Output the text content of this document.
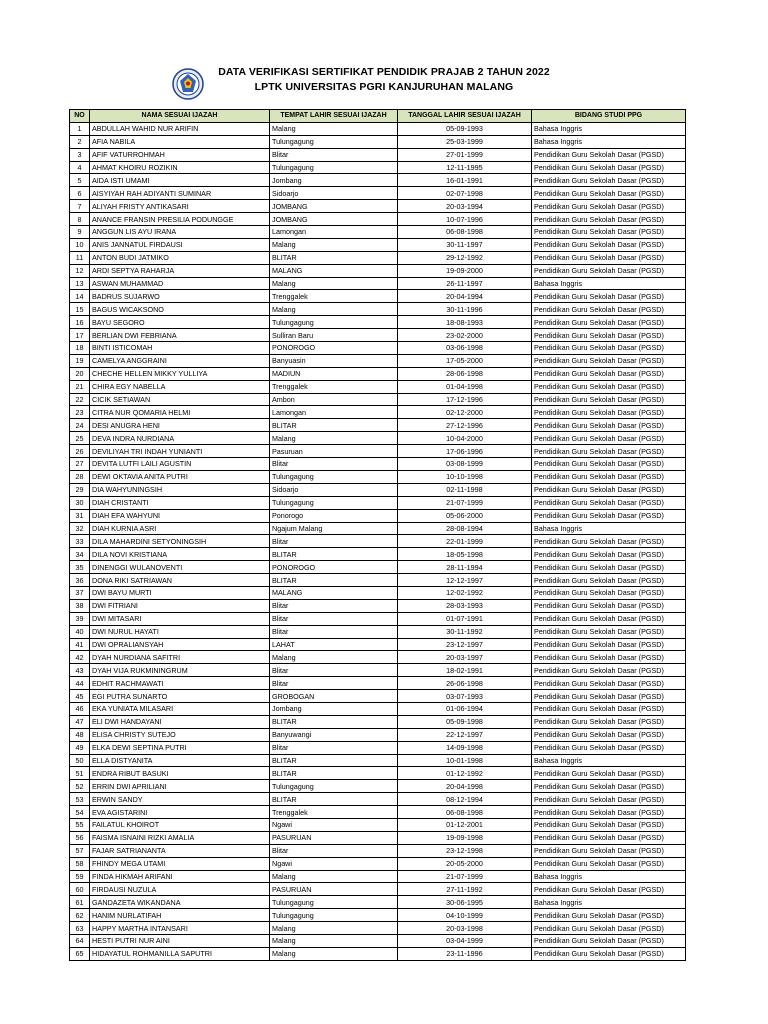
DATA VERIFIKASI SERTIFIKAT PENDIDIK PRAJAB 2 TAHUN 2022
LPTK UNIVERSITAS PGRI KANJURUHAN MALANG
NO	NAMA SESUAI IJAZAH	TEMPAT LAHIR SESUAI IJAZAH	TANGGAL LAHIR SESUAI IJAZAH	BIDANG STUDI PPG
1	ABDULLAH WAHID NUR ARIFIN	Malang	05-09-1993	Bahasa Inggris
2	AFIA NABILA	Tulungagung	25-03-1999	Bahasa Inggris
3	AFIF VATURROHMAH	Blitar	27-01-1999	Pendidikan Guru Sekolah Dasar (PGSD)
4	AHMAT KHOIRU ROZIKIN	Tulungagung	12-11-1995	Pendidikan Guru Sekolah Dasar (PGSD)
5	AIDA ISTI UMAMI	Jombang	16-01-1991	Pendidikan Guru Sekolah Dasar (PGSD)
6	AISYIYAH RAH ADIYANTI SUMINAR	Sidoarjo	02-07-1998	Pendidikan Guru Sekolah Dasar (PGSD)
7	ALIYAH FRISTY ANTIKASARI	JOMBANG	20-03-1994	Pendidikan Guru Sekolah Dasar (PGSD)
8	ANANCE FRANSIN PRESILIA PODUNGGE	JOMBANG	10-07-1996	Pendidikan Guru Sekolah Dasar (PGSD)
9	ANGGUN LIS AYU IRANA	Lamongan	06-08-1998	Pendidikan Guru Sekolah Dasar (PGSD)
10	ANIS JANNATUL FIRDAUSI	Malang	30-11-1997	Pendidikan Guru Sekolah Dasar (PGSD)
11	ANTON BUDI JATMIKO	BLITAR	29-12-1992	Pendidikan Guru Sekolah Dasar (PGSD)
12	ARDI SEPTYA RAHARJA	MALANG	19-09-2000	Pendidikan Guru Sekolah Dasar (PGSD)
13	ASWAN MUHAMMAD	Malang	26-11-1997	Bahasa Inggris
14	BADRUS SUJARWO	Trenggalek	20-04-1994	Pendidikan Guru Sekolah Dasar (PGSD)
15	BAGUS WICAKSONO	Malang	30-11-1996	Pendidikan Guru Sekolah Dasar (PGSD)
16	BAYU SEGORO	Tulungagung	18-08-1993	Pendidikan Guru Sekolah Dasar (PGSD)
17	BERLIAN DWI FEBRIANA	Sulliran Baru	23-02-2000	Pendidikan Guru Sekolah Dasar (PGSD)
18	BINTI ISTICOMAH	PONOROGO	03-06-1998	Pendidikan Guru Sekolah Dasar (PGSD)
19	CAMELYA ANGGRAINI	Banyuasin	17-05-2000	Pendidikan Guru Sekolah Dasar (PGSD)
20	CHECHE HELLEN MIKKY YULLIYA	MADIUN	28-06-1998	Pendidikan Guru Sekolah Dasar (PGSD)
21	CHIRA EGY NABELLA	Trenggalek	01-04-1998	Pendidikan Guru Sekolah Dasar (PGSD)
22	CICIK SETIAWAN	Ambon	17-12-1996	Pendidikan Guru Sekolah Dasar (PGSD)
23	CITRA NUR QOMARIA HELMI	Lamongan	02-12-2000	Pendidikan Guru Sekolah Dasar (PGSD)
24	DESI ANUGRA HENI	BLITAR	27-12-1996	Pendidikan Guru Sekolah Dasar (PGSD)
25	DEVA INDRA NURDIANA	Malang	10-04-2000	Pendidikan Guru Sekolah Dasar (PGSD)
26	DEVILIYAH TRI INDAH YUNIANTI	Pasuruan	17-06-1996	Pendidikan Guru Sekolah Dasar (PGSD)
27	DEVITA LUTFI LAILI AGUSTIN	Blitar	03-08-1999	Pendidikan Guru Sekolah Dasar (PGSD)
28	DEWI OKTAVIA ANITA PUTRI	Tulungagung	10-10-1998	Pendidikan Guru Sekolah Dasar (PGSD)
29	DIA WAHYUNINGSIH	Sidoarjo	02-11-1998	Pendidikan Guru Sekolah Dasar (PGSD)
30	DIAH CRISTANTI	Tulungagung	21-07-1999	Pendidikan Guru Sekolah Dasar (PGSD)
31	DIAH EFA WAHYUNI	Ponorogo	05-06-2000	Pendidikan Guru Sekolah Dasar (PGSD)
32	DIAH KURNIA ASRI	Ngajum Malang	28-08-1994	Bahasa Inggris
33	DILA MAHARDINI SETYONINGSIH	Blitar	22-01-1999	Pendidikan Guru Sekolah Dasar (PGSD)
34	DILA NOVI KRISTIANA	BLITAR	18-05-1998	Pendidikan Guru Sekolah Dasar (PGSD)
35	DINENGGI WULANOVENTI	PONOROGO	28-11-1994	Pendidikan Guru Sekolah Dasar (PGSD)
36	DONA RIKI SATRIAWAN	BLITAR	12-12-1997	Pendidikan Guru Sekolah Dasar (PGSD)
37	DWI BAYU MURTI	MALANG	12-02-1992	Pendidikan Guru Sekolah Dasar (PGSD)
38	DWI FITRIANI	Blitar	28-03-1993	Pendidikan Guru Sekolah Dasar (PGSD)
39	DWI MITASARI	Blitar	01-07-1991	Pendidikan Guru Sekolah Dasar (PGSD)
40	DWI NURUL HAYATI	Blitar	30-11-1992	Pendidikan Guru Sekolah Dasar (PGSD)
41	DWI OPRALIANSYAH	LAHAT	23-12-1997	Pendidikan Guru Sekolah Dasar (PGSD)
42	DYAH NURDIANA SAFITRI	Malang	20-03-1997	Pendidikan Guru Sekolah Dasar (PGSD)
43	DYAH VIJA RUKMININGRUM	Blitar	18-02-1991	Pendidikan Guru Sekolah Dasar (PGSD)
44	EDHIT RACHMAWATI	Blitar	26-06-1998	Pendidikan Guru Sekolah Dasar (PGSD)
45	EGI PUTRA SUNARTO	GROBOGAN	03-07-1993	Pendidikan Guru Sekolah Dasar (PGSD)
46	EKA YUNIATA MILASARI	Jombang	01-06-1994	Pendidikan Guru Sekolah Dasar (PGSD)
47	ELI DWI HANDAYANI	BLITAR	05-09-1998	Pendidikan Guru Sekolah Dasar (PGSD)
48	ELISA CHRISTY SUTEJO	Banyuwangi	22-12-1997	Pendidikan Guru Sekolah Dasar (PGSD)
49	ELKA DEWI SEPTINA PUTRI	Blitar	14-09-1998	Pendidikan Guru Sekolah Dasar (PGSD)
50	ELLA DISTYANITA	BLITAR	10-01-1998	Bahasa Inggris
51	ENDRA RIBUT BASUKI	BLITAR	01-12-1992	Pendidikan Guru Sekolah Dasar (PGSD)
52	ERRIN DWI APRILIANI	Tulungagung	20-04-1998	Pendidikan Guru Sekolah Dasar (PGSD)
53	ERWIN SANDY	BLITAR	08-12-1994	Pendidikan Guru Sekolah Dasar (PGSD)
54	EVA AGISTARINI	Trenggalek	06-08-1998	Pendidikan Guru Sekolah Dasar (PGSD)
55	FAILATUL KHOIROT	Ngawi	01-12-2001	Pendidikan Guru Sekolah Dasar (PGSD)
56	FAISMA ISNAINI RIZKI AMALIA	PASURUAN	19-09-1998	Pendidikan Guru Sekolah Dasar (PGSD)
57	FAJAR SATRIANANTA	Blitar	23-12-1998	Pendidikan Guru Sekolah Dasar (PGSD)
58	FHINDY MEGA UTAMI	Ngawi	20-05-2000	Pendidikan Guru Sekolah Dasar (PGSD)
59	FINDA HIKMAH ARIFANI	Malang	21-07-1999	Bahasa Inggris
60	FIRDAUSI NUZULA	PASURUAN	27-11-1992	Pendidikan Guru Sekolah Dasar (PGSD)
61	GANDAZETA WIKANDANA	Tulungagung	30-06-1995	Bahasa Inggris
62	HANIM NURLATIFAH	Tulungagung	04-10-1999	Pendidikan Guru Sekolah Dasar (PGSD)
63	HAPPY MARTHA INTANSARI	Malang	20-03-1998	Pendidikan Guru Sekolah Dasar (PGSD)
64	HESTI PUTRI NUR AINI	Malang	03-04-1999	Pendidikan Guru Sekolah Dasar (PGSD)
65	HIDAYATUL ROHMANILLA SAPUTRI	Malang	23-11-1996	Pendidikan Guru Sekolah Dasar (PGSD)
